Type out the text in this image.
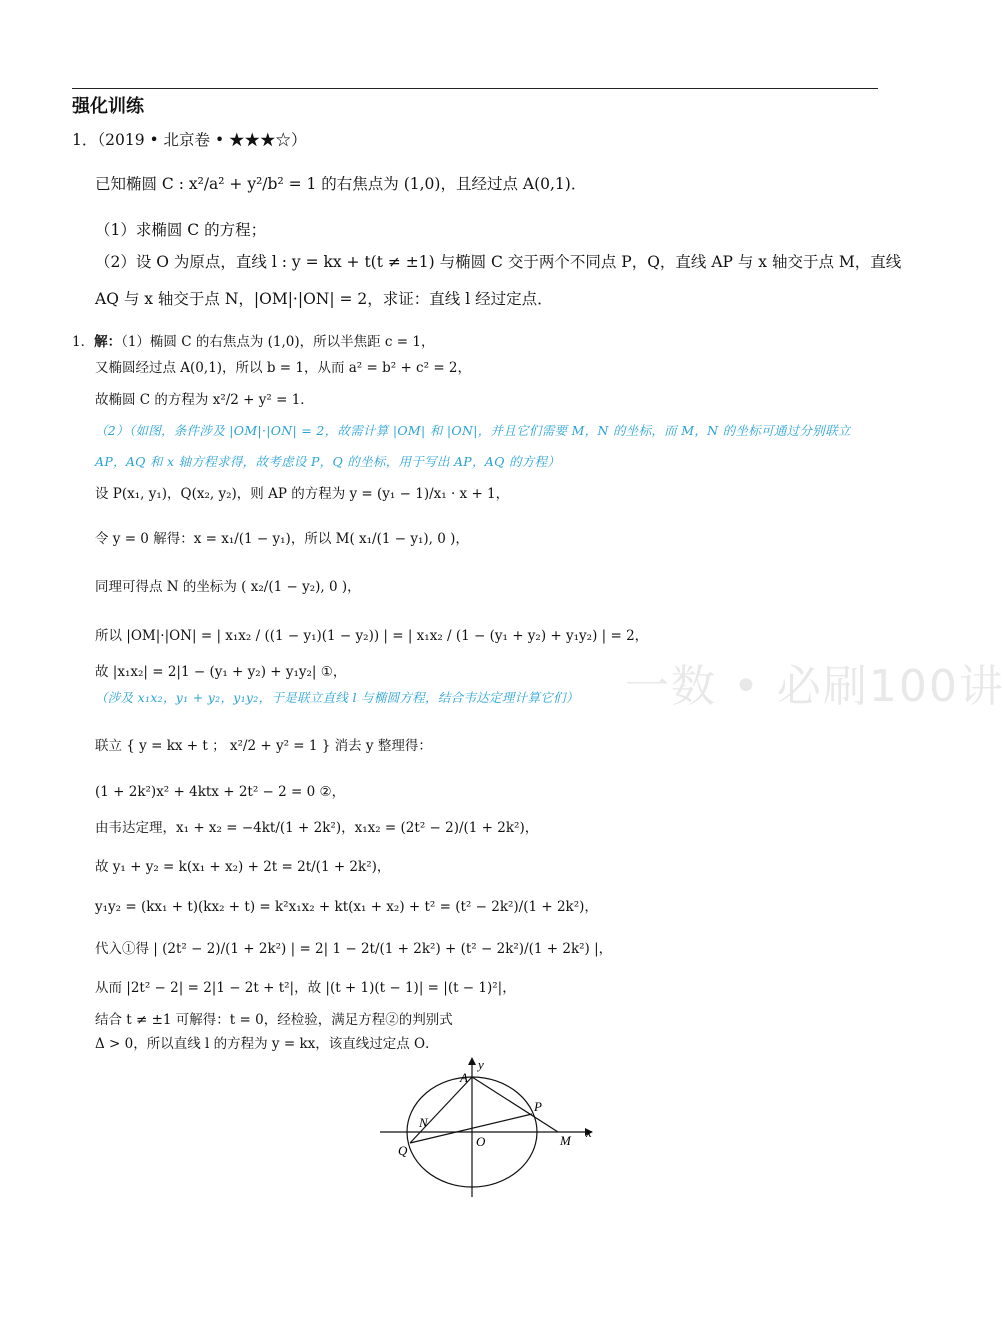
强化训练
1．（2019 • 北京卷 • ★★★☆）
已知椭圆 C : x²/a² + y²/b² = 1 的右焦点为 (1,0)，且经过点 A(0,1)．
（1）求椭圆 C 的方程；
（2）设 O 为原点，直线 l : y = kx + t(t ≠ ±1) 与椭圆 C 交于两个不同点 P，Q，直线 AP 与 x 轴交于点 M，直线
AQ 与 x 轴交于点 N，|OM|·|ON| = 2，求证：直线 l 经过定点．
1．解：（1）椭圆 C 的右焦点为 (1,0)，所以半焦距 c = 1，
又椭圆经过点 A(0,1)，所以 b = 1，从而 a² = b² + c² = 2，
故椭圆 C 的方程为 x²/2 + y² = 1．
（2）（如图，条件涉及 |OM|·|ON| = 2，故需计算 |OM| 和 |ON|，并且它们需要 M，N 的坐标，而 M，N 的坐标可通过分别联立
AP，AQ 和 x 轴方程求得，故考虑设 P，Q 的坐标，用于写出 AP，AQ 的方程）
设 P(x₁, y₁)，Q(x₂, y₂)，则 AP 的方程为 y = (y₁ − 1)/x₁ · x + 1，
令 y = 0 解得：x = x₁/(1 − y₁)，所以 M( x₁/(1 − y₁), 0 )，
同理可得点 N 的坐标为 ( x₂/(1 − y₂), 0 )，
所以 |OM|·|ON| = | x₁x₂ / ((1 − y₁)(1 − y₂)) | = | x₁x₂ / (1 − (y₁ + y₂) + y₁y₂) | = 2，
故 |x₁x₂| = 2|1 − (y₁ + y₂) + y₁y₂| ①，
（涉及 x₁x₂，y₁ + y₂，y₁y₂，于是联立直线 l 与椭圆方程，结合韦达定理计算它们）
联立 { y = kx + t ； x²/2 + y² = 1 } 消去 y 整理得：
(1 + 2k²)x² + 4ktx + 2t² − 2 = 0 ②，
由韦达定理，x₁ + x₂ = −4kt/(1 + 2k²)，x₁x₂ = (2t² − 2)/(1 + 2k²)，
故 y₁ + y₂ = k(x₁ + x₂) + 2t = 2t/(1 + 2k²)，
y₁y₂ = (kx₁ + t)(kx₂ + t) = k²x₁x₂ + kt(x₁ + x₂) + t² = (t² − 2k²)/(1 + 2k²)，
代入①得 | (2t² − 2)/(1 + 2k²) | = 2| 1 − 2t/(1 + 2k²) + (t² − 2k²)/(1 + 2k²) |，
从而 |2t² − 2| = 2|1 − 2t + t²|，故 |(t + 1)(t − 1)| = |(t − 1)²|，
结合 t ≠ ±1 可解得：t = 0，经检验，满足方程②的判别式
Δ > 0，所以直线 l 的方程为 y = kx，该直线过定点 O．
一数 • 必刷100讲
A
y
P
N
O	M
x
Q
